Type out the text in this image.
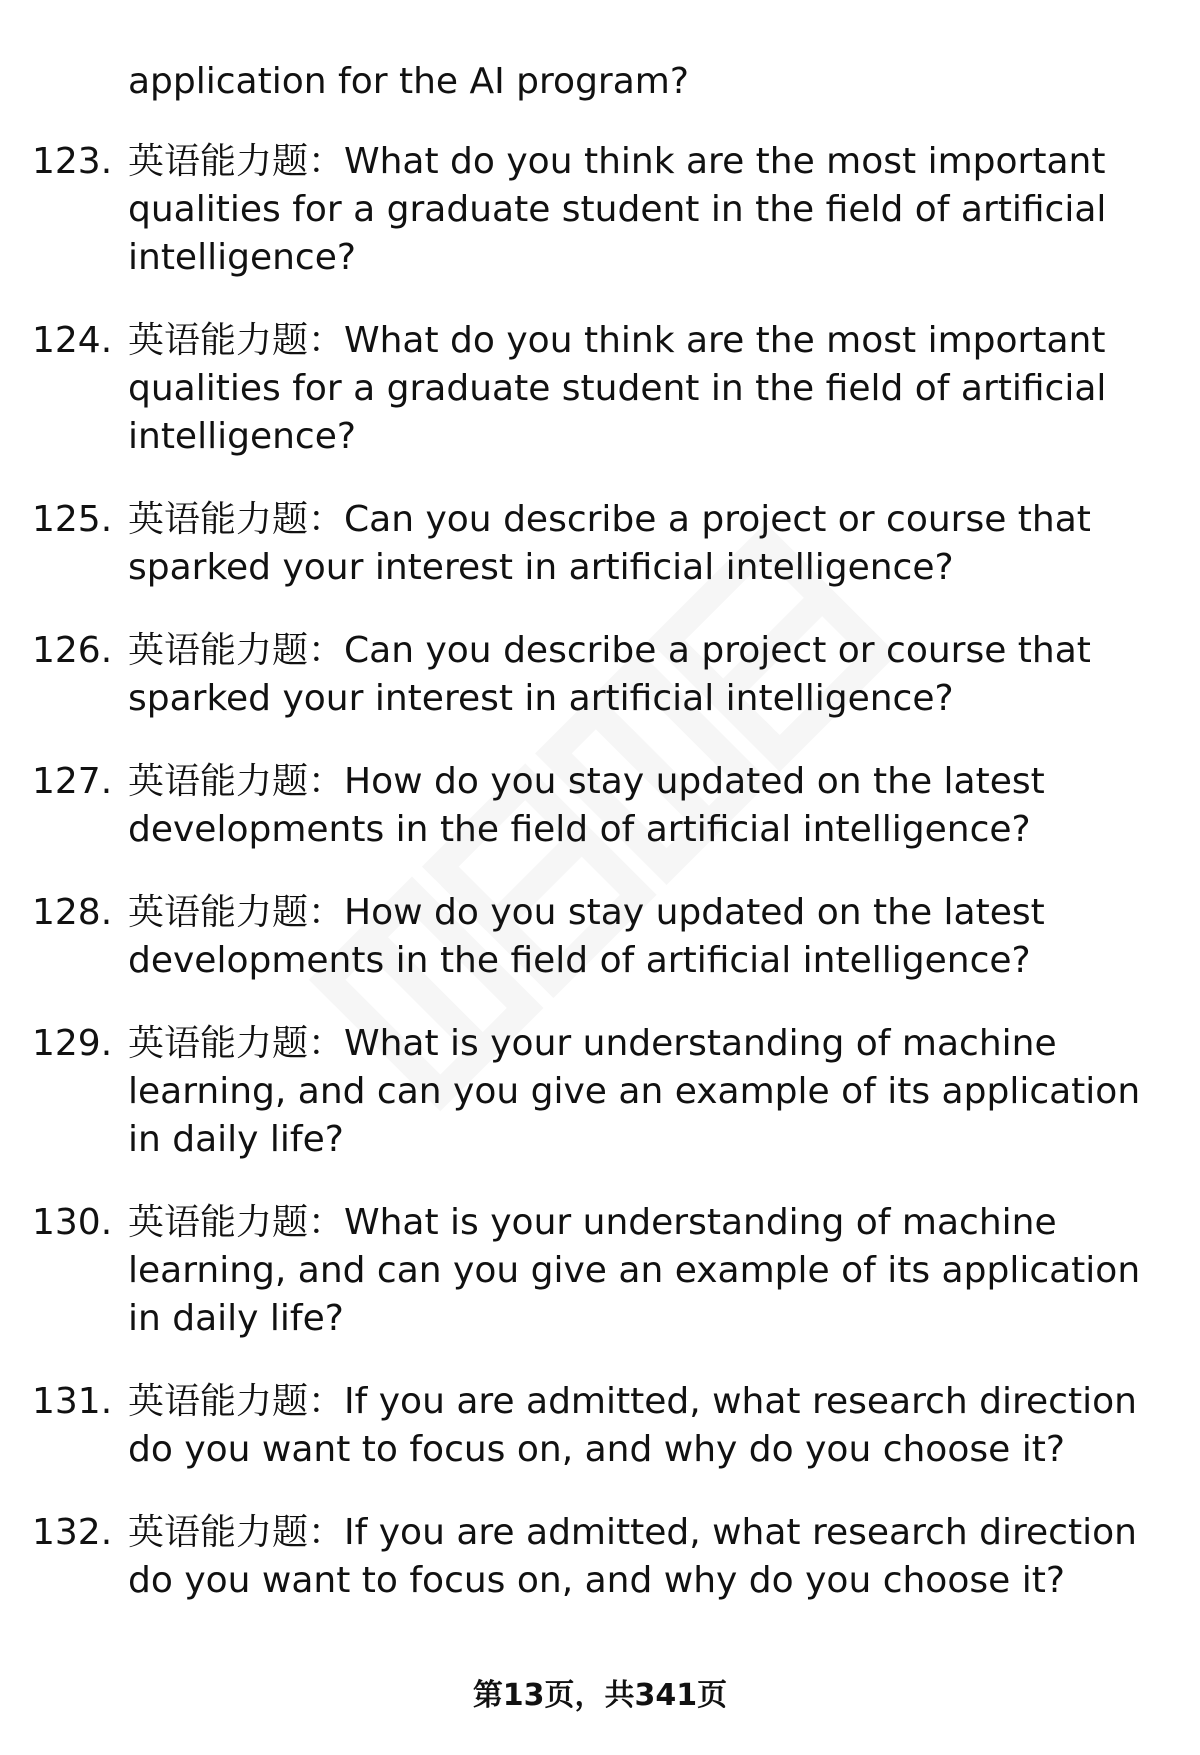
application for the AI program?
123. 英语能力题：What do you think are the most important qualities for a graduate student in the field of artificial intelligence?
124. 英语能力题：What do you think are the most important qualities for a graduate student in the field of artificial intelligence?
125. 英语能力题：Can you describe a project or course that sparked your interest in artificial intelligence?
126. 英语能力题：Can you describe a project or course that sparked your interest in artificial intelligence?
127. 英语能力题：How do you stay updated on the latest developments in the field of artificial intelligence?
128. 英语能力题：How do you stay updated on the latest developments in the field of artificial intelligence?
129. 英语能力题：What is your understanding of machine learning, and can you give an example of its application in daily life?
130. 英语能力题：What is your understanding of machine learning, and can you give an example of its application in daily life?
131. 英语能力题：If you are admitted, what research direction do you want to focus on, and why do you choose it?
132. 英语能力题：If you are admitted, what research direction do you want to focus on, and why do you choose it?
第13页，共341页
